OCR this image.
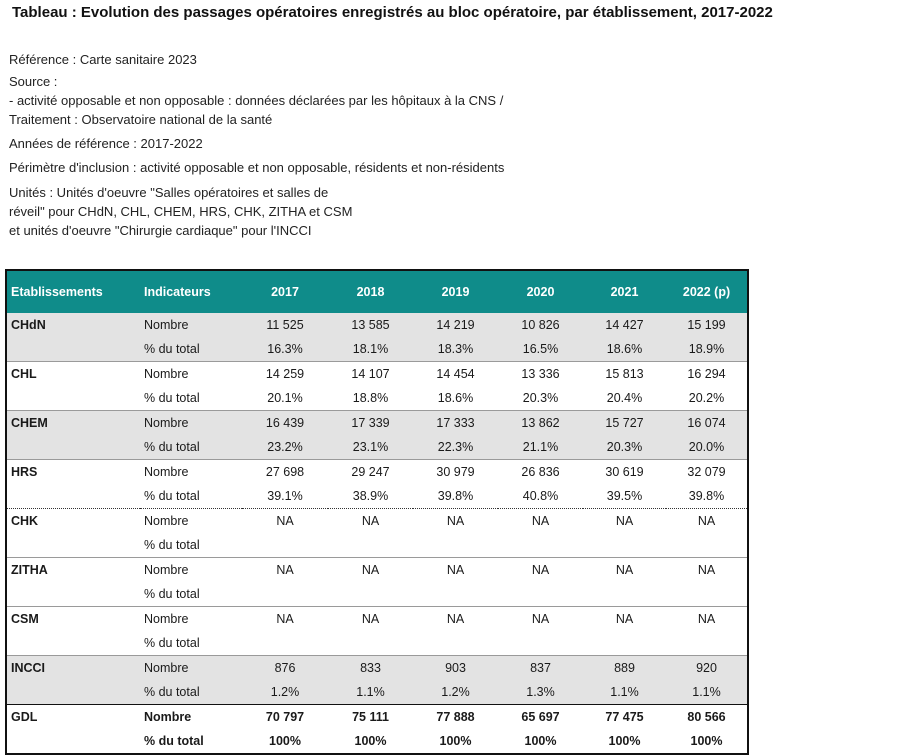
Tableau : Evolution des passages opératoires enregistrés au bloc opératoire, par établissement, 2017-2022
Référence : Carte sanitaire 2023
Source :
- activité opposable et non opposable : données déclarées par les hôpitaux à la CNS /
Traitement : Observatoire national de la santé
Années de référence : 2017-2022
Périmètre d'inclusion : activité opposable et non opposable, résidents et non-résidents
Unités : Unités d'oeuvre "Salles opératoires et salles de
réveil" pour CHdN, CHL, CHEM, HRS, CHK, ZITHA et CSM
et unités d'oeuvre "Chirurgie cardiaque" pour l'INCCI
Etablissements	Indicateurs	2017	2018	2019	2020	2021	2022 (p)
CHdN	Nombre	11 525	13 585	14 219	10 826	14 427	15 199
	% du total	16.3%	18.1%	18.3%	16.5%	18.6%	18.9%
CHL	Nombre	14 259	14 107	14 454	13 336	15 813	16 294
	% du total	20.1%	18.8%	18.6%	20.3%	20.4%	20.2%
CHEM	Nombre	16 439	17 339	17 333	13 862	15 727	16 074
	% du total	23.2%	23.1%	22.3%	21.1%	20.3%	20.0%
HRS	Nombre	27 698	29 247	30 979	26 836	30 619	32 079
	% du total	39.1%	38.9%	39.8%	40.8%	39.5%	39.8%
CHK	Nombre	NA	NA	NA	NA	NA	NA
	% du total						
ZITHA	Nombre	NA	NA	NA	NA	NA	NA
	% du total						
CSM	Nombre	NA	NA	NA	NA	NA	NA
	% du total						
INCCI	Nombre	876	833	903	837	889	920
	% du total	1.2%	1.1%	1.2%	1.3%	1.1%	1.1%
GDL	Nombre	70 797	75 111	77 888	65 697	77 475	80 566
	% du total	100%	100%	100%	100%	100%	100%
